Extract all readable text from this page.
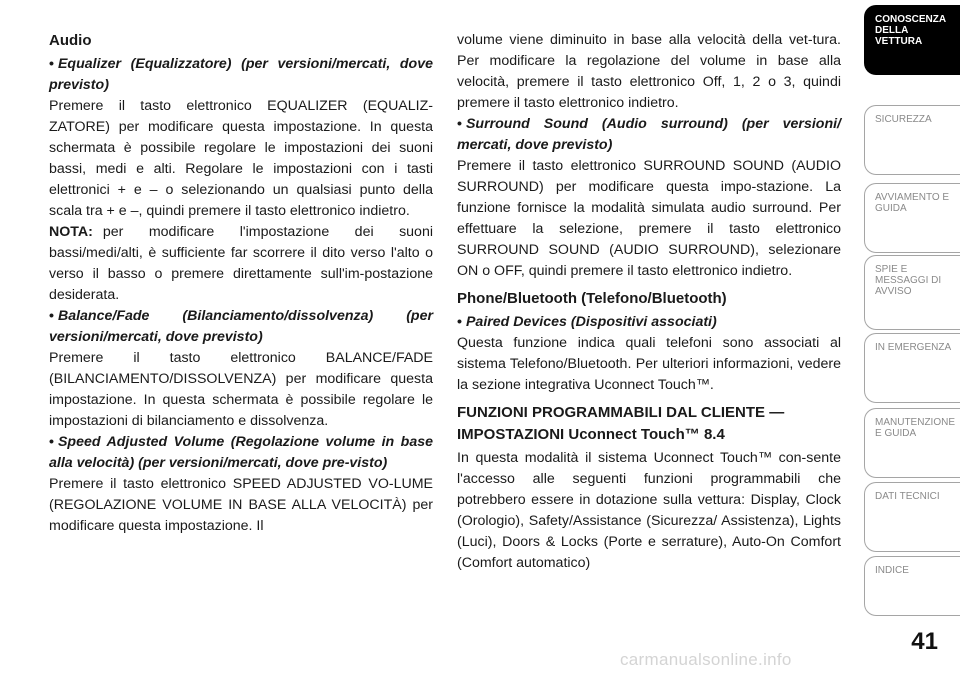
Audio

• Equalizer (Equalizzatore) (per versioni/mercati, dove previsto)

Premere il tasto elettronico EQUALIZER (EQUALIZ-ZATORE) per modificare questa impostazione. In questa schermata è possibile regolare le impostazioni dei suoni bassi, medi e alti. Regolare le impostazioni con i tasti elettronici + e – o selezionando un qualsiasi punto della scala tra + e –, quindi premere il tasto elettronico indietro.

NOTA: per modificare l'impostazione dei suoni bassi/medi/alti, è sufficiente far scorrere il dito verso l'alto o verso il basso o premere direttamente sull'im-postazione desiderata.

• Balance/Fade (Bilanciamento/dissolvenza) (per versioni/mercati, dove previsto)

Premere il tasto elettronico BALANCE/FADE (BILANCIAMENTO/DISSOLVENZA) per modificare questa impostazione. In questa schermata è possibile regolare le impostazioni di bilanciamento e dissolvenza.

• Speed Adjusted Volume (Regolazione volume in base alla velocità) (per versioni/mercati, dove pre-visto)

Premere il tasto elettronico SPEED ADJUSTED VO-LUME (REGOLAZIONE VOLUME IN BASE ALLA VELOCITÀ) per modificare questa impostazione. Il

volume viene diminuito in base alla velocità della vet-tura. Per modificare la regolazione del volume in base alla velocità, premere il tasto elettronico Off, 1, 2 o 3, quindi premere il tasto elettronico indietro.

• Surround Sound (Audio surround) (per versioni/ mercati, dove previsto)

Premere il tasto elettronico SURROUND SOUND (AUDIO SURROUND) per modificare questa impo-stazione. La funzione fornisce la modalità simulata audio surround. Per effettuare la selezione, premere il tasto elettronico SURROUND SOUND (AUDIO SURROUND), selezionare ON o OFF, quindi premere il tasto elettronico indietro.

Phone/Bluetooth (Telefono/Bluetooth)

• Paired Devices (Dispositivi associati)

Questa funzione indica quali telefoni sono associati al sistema Telefono/Bluetooth. Per ulteriori informazioni, vedere la sezione integrativa Uconnect Touch™.

FUNZIONI PROGRAMMABILI DAL CLIENTE — IMPOSTAZIONI Uconnect Touch™ 8.4

In questa modalità il sistema Uconnect Touch™ con-sente l'accesso alle seguenti funzioni programmabili che potrebbero essere in dotazione sulla vettura: Display, Clock (Orologio), Safety/Assistance (Sicurezza/ Assistenza), Lights (Luci), Doors & Locks (Porte e serrature), Auto-On Comfort (Comfort automatico)

CONOSCENZA DELLA VETTURA
SICUREZZA
AVVIAMENTO E GUIDA
SPIE E MESSAGGI DI AVVISO
IN EMERGENZA
MANUTENZIONE E GUIDA
DATI TECNICI
INDICE
41
carmanualsonline.info
